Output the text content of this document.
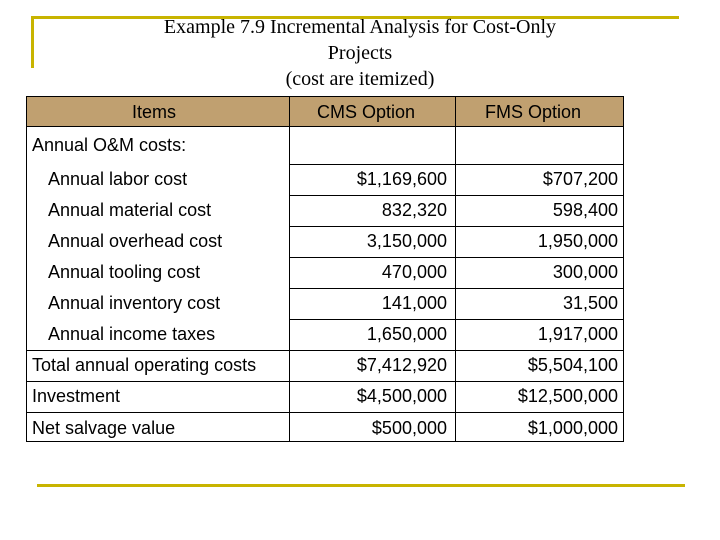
Example 7.9 Incremental Analysis for Cost-Only
Projects
(cost are itemized)
Items	CMS Option	FMS Option
Annual O&M costs:
Annual labor cost	$1,169,600	$707,200
Annual material cost	832,320	598,400
Annual overhead cost	3,150,000	1,950,000
Annual tooling cost	470,000	300,000
Annual inventory cost	141,000	31,500
Annual income taxes	1,650,000	1,917,000
Total annual operating costs	$7,412,920	$5,504,100
Investment	$4,500,000	$12,500,000
Net salvage value	$500,000	$1,000,000
